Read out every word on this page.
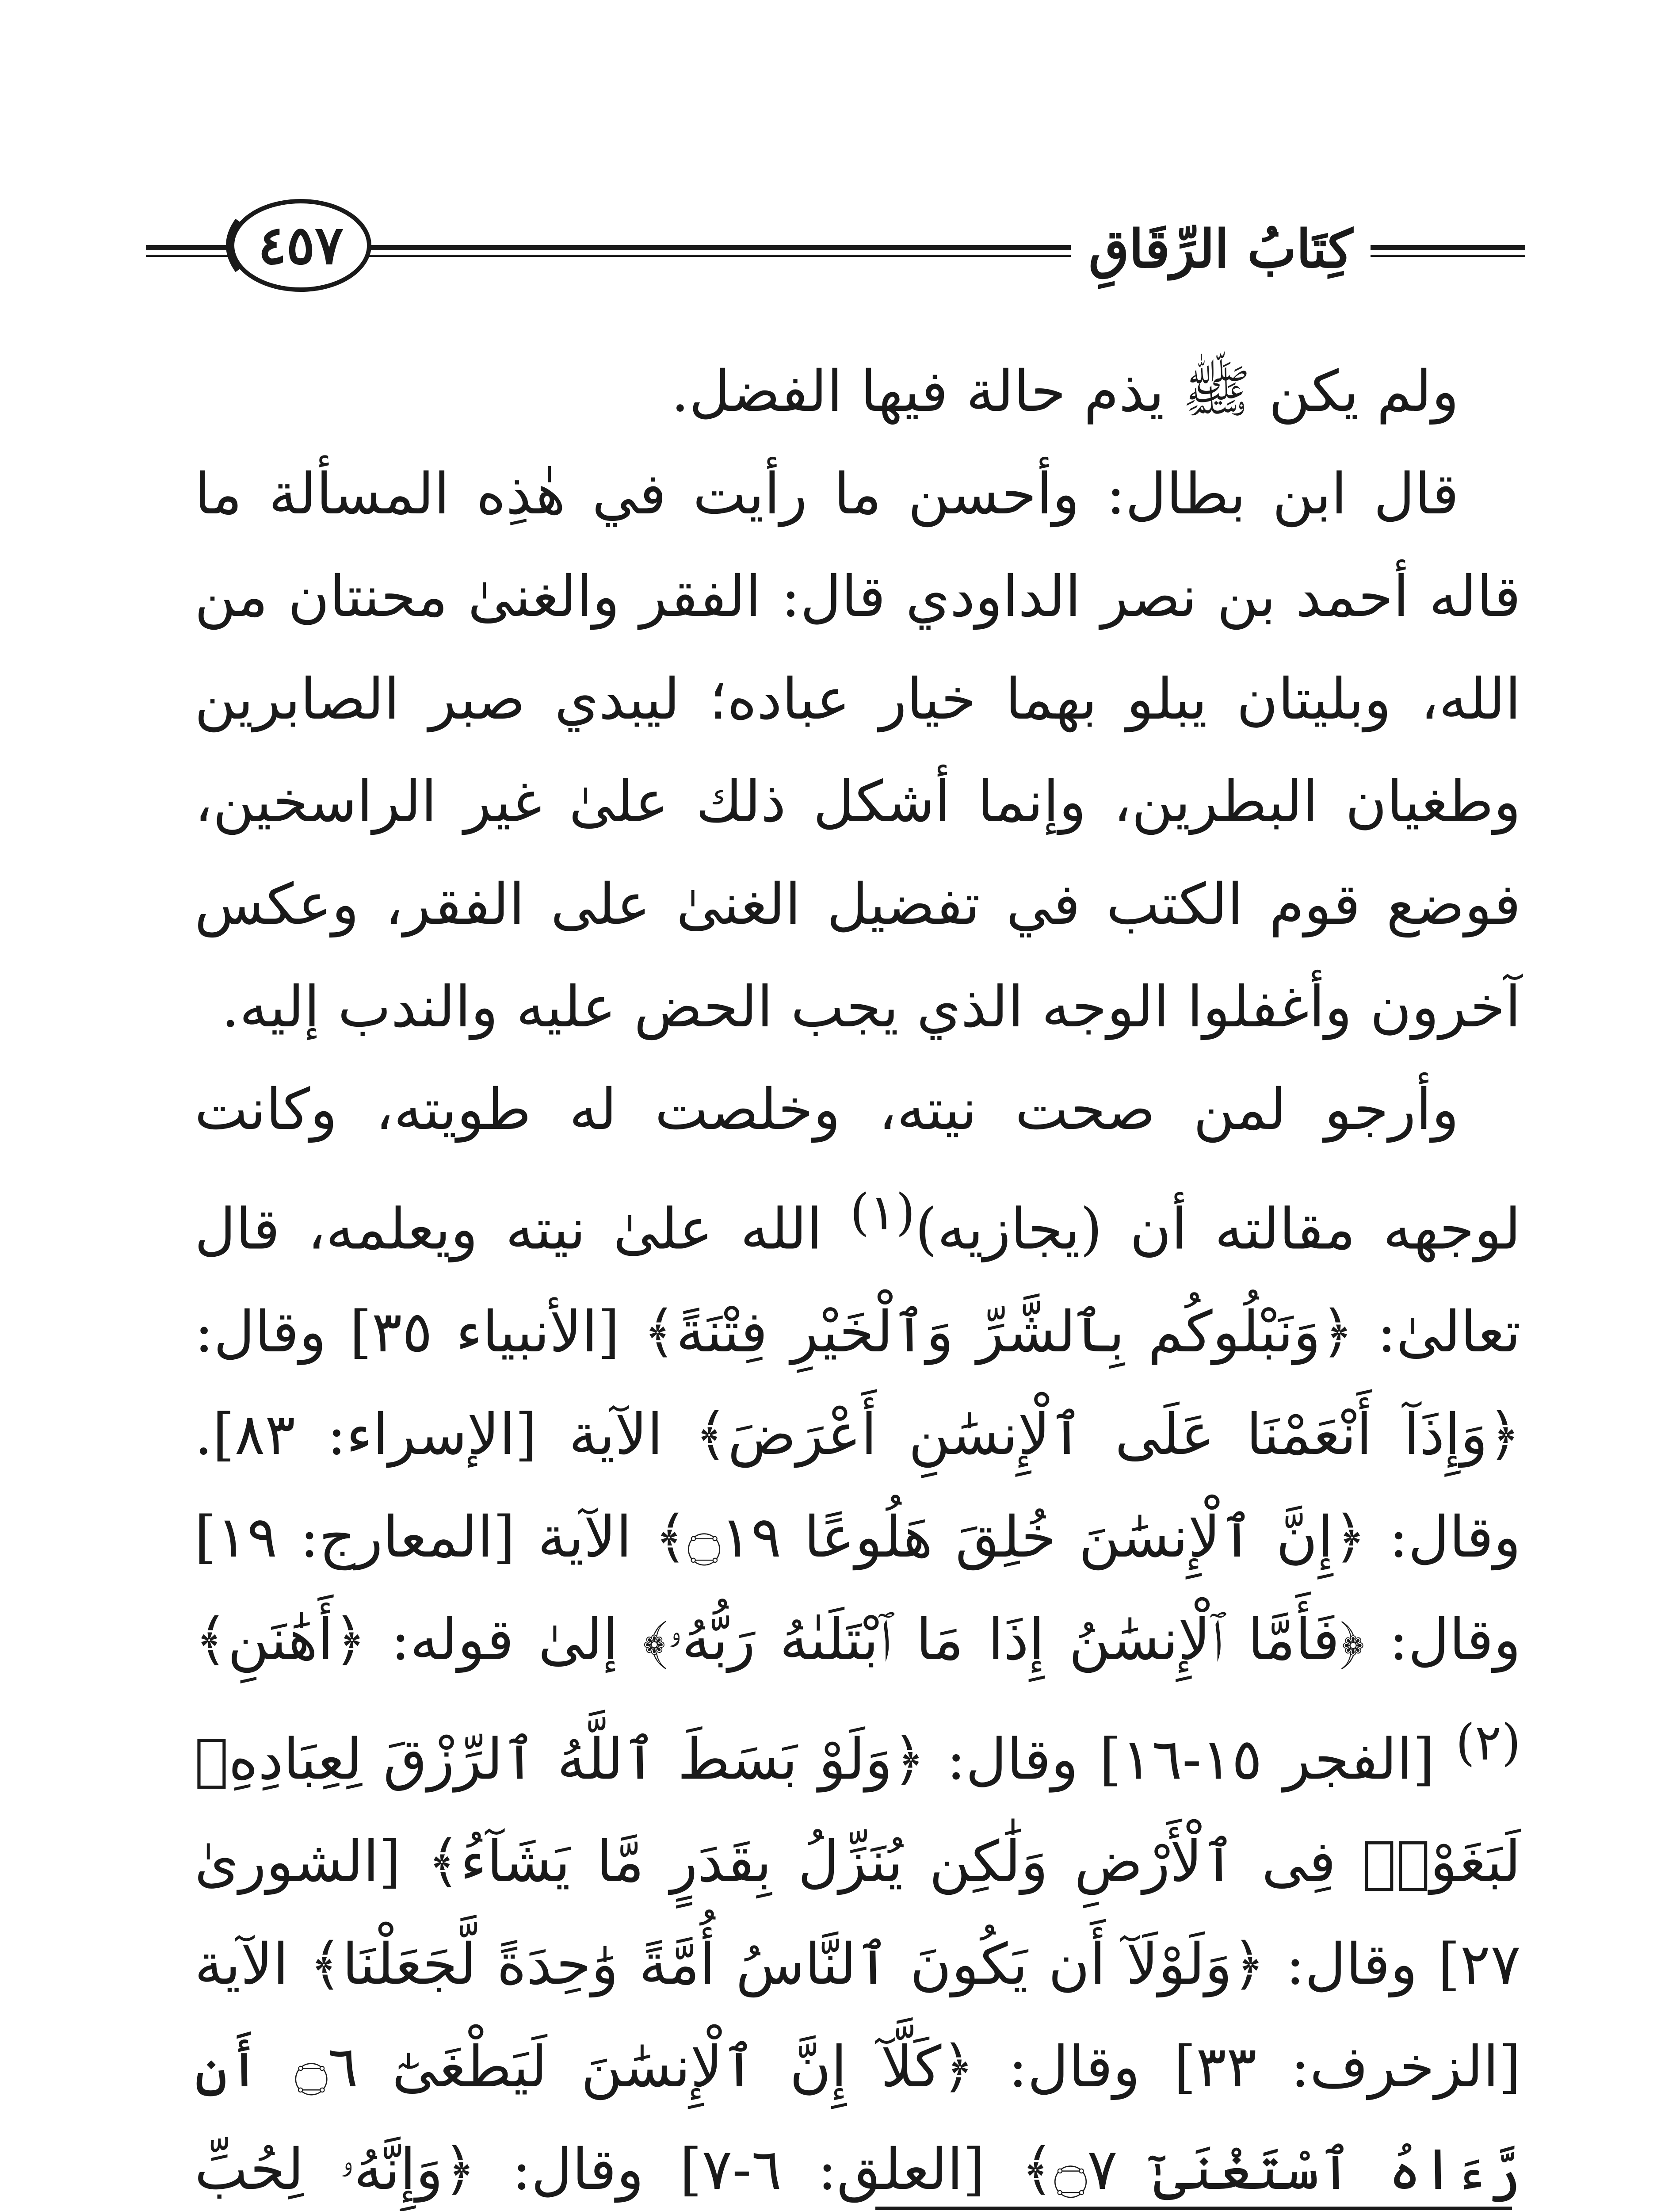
كِتَابُ الرِّقَاقِ
٤٥٧

ولم يكن ﷺ يذم حالة فيها الفضل.

قال ابن بطال: وأحسن ما رأيت في هٰذِه المسألة ما قاله أحمد بن نصر الداودي قال: الفقر والغنىٰ محنتان من الله، وبليتان يبلو بهما خيار عباده؛ ليبدي صبر الصابرين وطغيان البطرين، وإنما أشكل ذلك علىٰ غير الراسخين، فوضع قوم الكتب في تفضيل الغنىٰ على الفقر، وعكس آخرون وأغفلوا الوجه الذي يجب الحض عليه والندب إليه.

وأرجو لمن صحت نيته، وخلصت له طويته، وكانت لوجهه مقالته أن (يجازيه)$^{(١)}$ الله علىٰ نيته ويعلمه، قال تعالىٰ: ﴿وَنَبْلُوكُم بِٱلشَّرِّ وَٱلْخَيْرِ فِتْنَةً﴾ [الأنبياء ٣٥] وقال: ﴿وَإِذَآ أَنْعَمْنَا عَلَى ٱلْإِنسَٰنِ أَعْرَضَ﴾ الآية [الإسراء: ٨٣]. وقال: ﴿إِنَّ ٱلْإِنسَٰنَ خُلِقَ هَلُوعًا ۝١٩﴾ الآية [المعارج: ١٩] وقال: ﴿فَأَمَّا ٱلْإِنسَٰنُ إِذَا مَا ٱبْتَلَىٰهُ رَبُّهُۥ﴾ إلىٰ قوله: ﴿أَهَٰنَنِ﴾$^{(٢)}$ [الفجر ١٥-١٦] وقال: ﴿وَلَوْ بَسَطَ ٱللَّهُ ٱلرِّزْقَ لِعِبَادِهِۦ لَبَغَوْا۟ فِى ٱلْأَرْضِ وَلَٰكِن يُنَزِّلُ بِقَدَرٍ مَّا يَشَآءُ﴾ [الشورىٰ ٢٧] وقال: ﴿وَلَوْلَآ أَن يَكُونَ ٱلنَّاسُ أُمَّةً وَٰحِدَةً لَّجَعَلْنَا﴾ الآية [الزخرف: ٣٣] وقال: ﴿كَلَّآ إِنَّ ٱلْإِنسَٰنَ لَيَطْغَىٰٓ ۝٦ أَن رَّءَاهُ ٱسْتَغْنَىٰٓ ۝٧﴾ [العلق: ٦-٧] وقال: ﴿وَإِنَّهُۥ لِحُبِّ
